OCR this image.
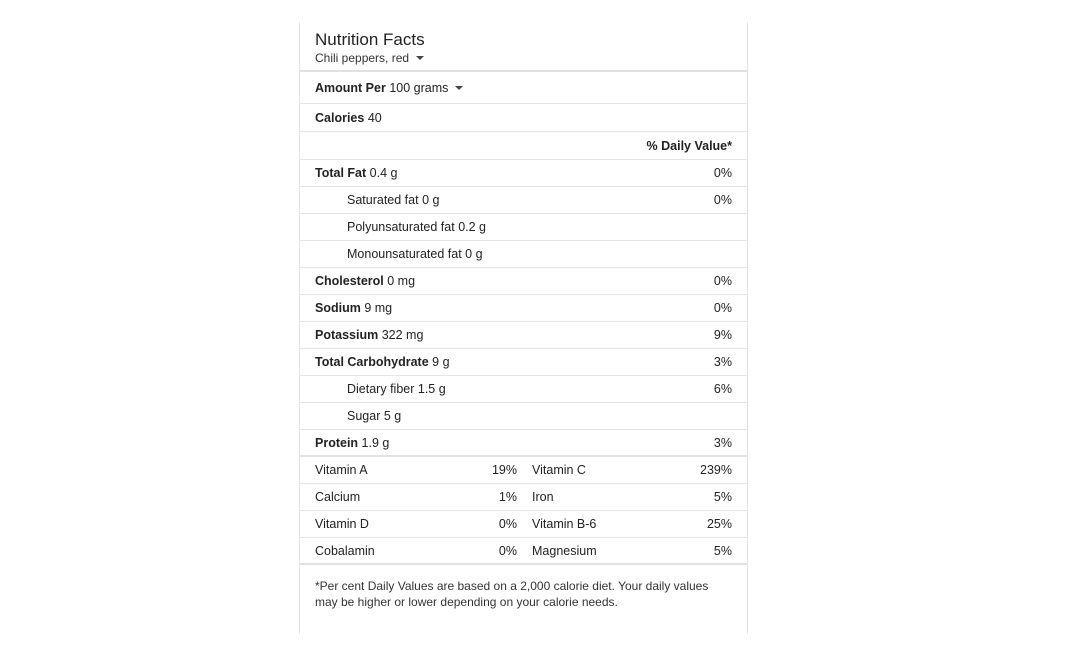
Nutrition Facts
Chili peppers, red
Amount Per
100 grams
Calories 40
% Daily Value*
Total Fat 0.4 g	0%
Saturated fat 0 g	0%
Polyunsaturated fat 0.2 g
Monounsaturated fat 0 g
Cholesterol 0 mg	0%
Sodium 9 mg	0%
Potassium 322 mg	9%
Total Carbohydrate 9 g	3%
Dietary fiber 1.5 g	6%
Sugar 5 g
Protein 1.9 g	3%
Vitamin A	19%	Vitamin C	239%
Calcium	1%	Iron	5%
Vitamin D	0%	Vitamin B-6	25%
Cobalamin	0%	Magnesium	5%
*Per cent Daily Values are based on a 2,000 calorie diet. Your daily values may be higher or lower depending on your calorie needs.
